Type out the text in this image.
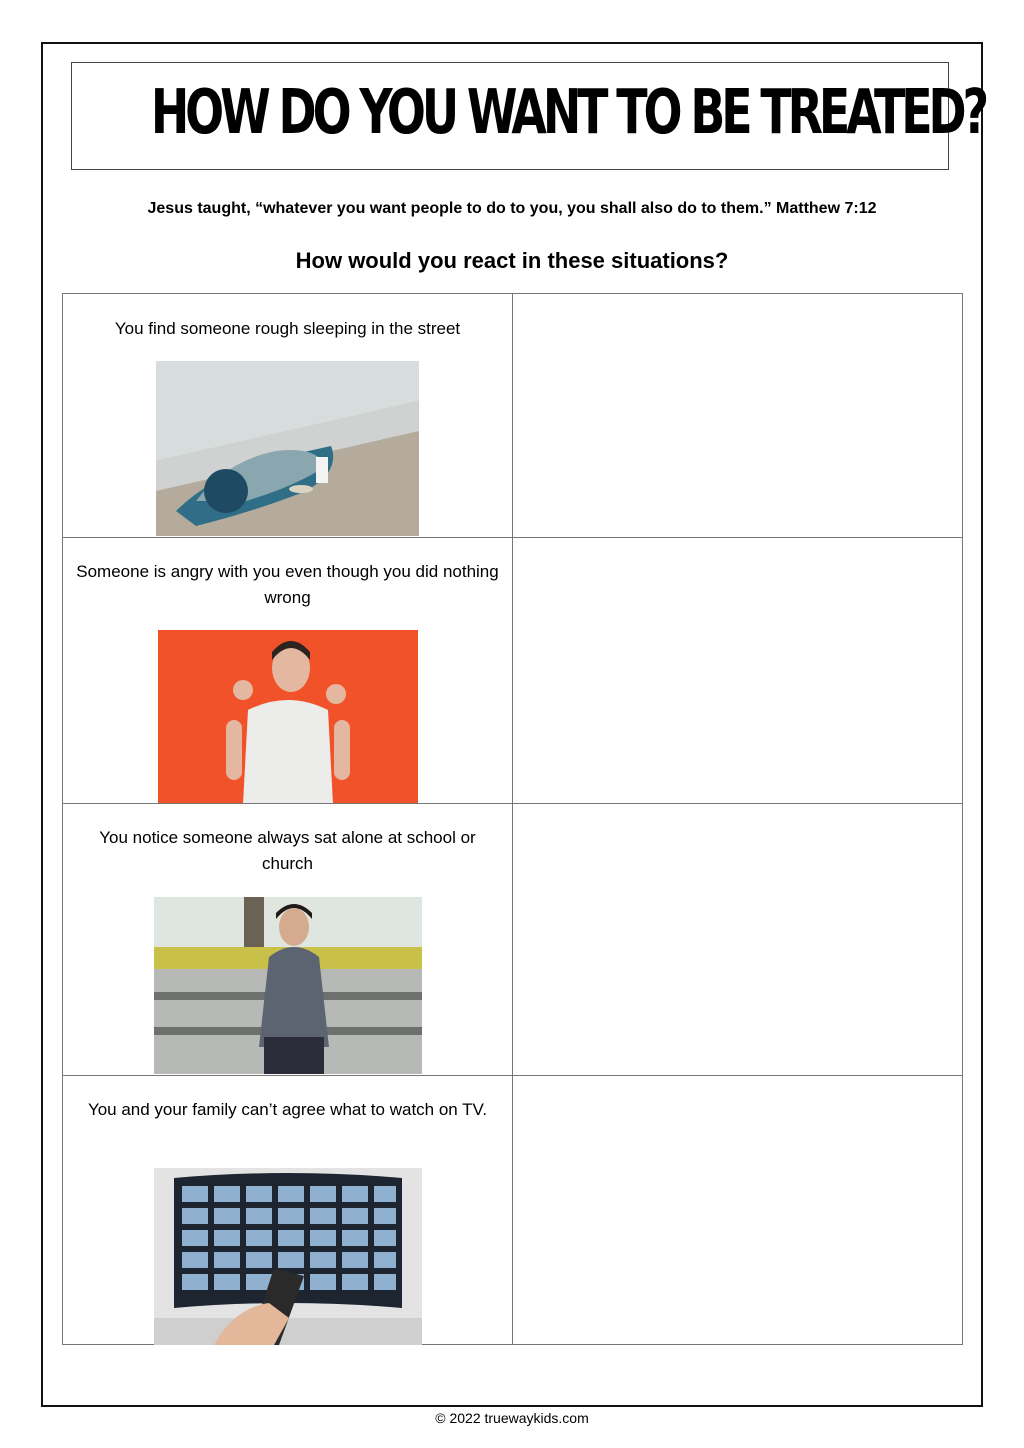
HOW DO YOU WANT TO BE TREATED?
Jesus taught, “whatever you want people to do to you, you shall also do to them.” Matthew 7:12
How would you react in these situations?
You find someone rough sleeping in the street
Someone is angry with you even though you did nothing wrong
You notice someone always sat alone at school or church
You and your family can’t agree what to watch on TV.
© 2022 truewaykids.com
